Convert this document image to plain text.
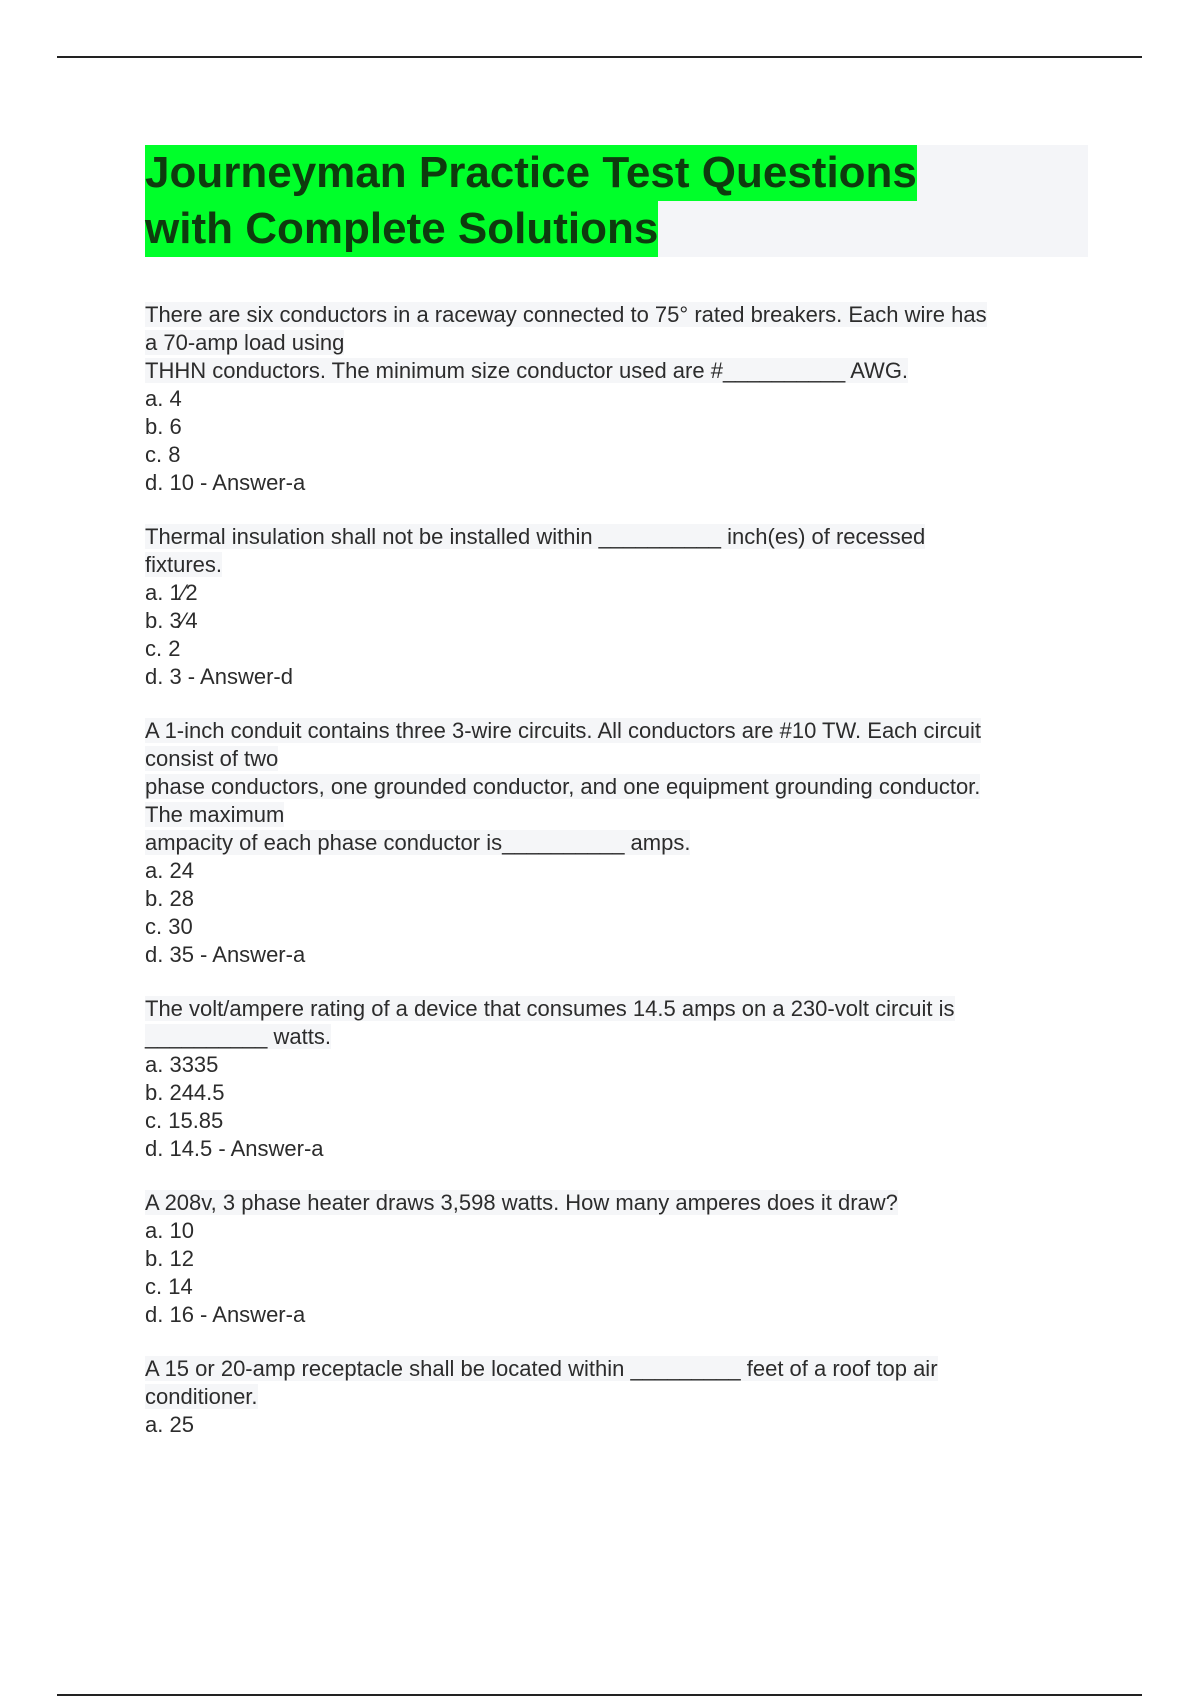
Journeyman Practice Test Questions
with Complete Solutions
There are six conductors in a raceway connected to 75° rated breakers. Each wire has
a 70-amp load using
THHN conductors. The minimum size conductor used are #__________ AWG.
a. 4
b. 6
c. 8
d. 10 - Answer-a
Thermal insulation shall not be installed within __________ inch(es) of recessed
fixtures.
a. 1⁄2
b. 3⁄4
c. 2
d. 3 - Answer-d
A 1-inch conduit contains three 3-wire circuits. All conductors are #10 TW. Each circuit
consist of two
phase conductors, one grounded conductor, and one equipment grounding conductor.
The maximum
ampacity of each phase conductor is__________ amps.
a. 24
b. 28
c. 30
d. 35 - Answer-a
The volt/ampere rating of a device that consumes 14.5 amps on a 230-volt circuit is
__________ watts.
a. 3335
b. 244.5
c. 15.85
d. 14.5 - Answer-a
A 208v, 3 phase heater draws 3,598 watts. How many amperes does it draw?
a. 10
b. 12
c. 14
d. 16 - Answer-a
A 15 or 20-amp receptacle shall be located within _________ feet of a roof top air
conditioner.
a. 25
